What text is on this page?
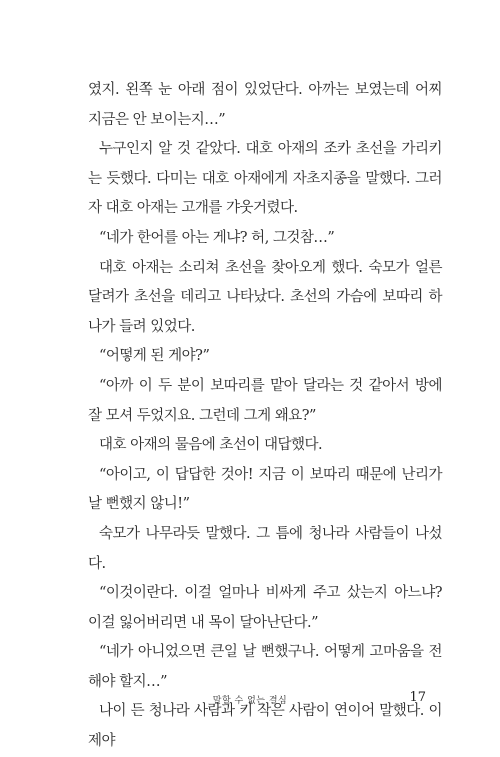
였지. 왼쪽 눈 아래 점이 있었단다. 아까는 보였는데 어찌 지금은 안 보이는지…”

누구인지 알 것 같았다. 대호 아재의 조카 초선을 가리키는 듯했다. 다미는 대호 아재에게 자초지종을 말했다. 그러자 대호 아재는 고개를 갸웃거렸다.

“네가 한어를 아는 게냐? 허, 그것참…”

대호 아재는 소리쳐 초선을 찾아오게 했다. 숙모가 얼른 달려가 초선을 데리고 나타났다. 초선의 가슴에 보따리 하나가 들려 있었다.

“어떻게 된 게야?”

“아까 이 두 분이 보따리를 맡아 달라는 것 같아서 방에 잘 모셔 두었지요. 그런데 그게 왜요?”

대호 아재의 물음에 초선이 대답했다.

“아이고, 이 답답한 것아! 지금 이 보따리 때문에 난리가 날 뻔했지 않니!”

숙모가 나무라듯 말했다. 그 틈에 청나라 사람들이 나섰다.

“이것이란다. 이걸 얼마나 비싸게 주고 샀는지 아느냐? 이걸 잃어버리면 내 목이 달아난단다.”

“네가 아니었으면 큰일 날 뻔했구나. 어떻게 고마움을 전해야 할지…”

나이 든 청나라 사람과 키 작은 사람이 연이어 말했다. 이제야

말할 수 없는 결심	17
